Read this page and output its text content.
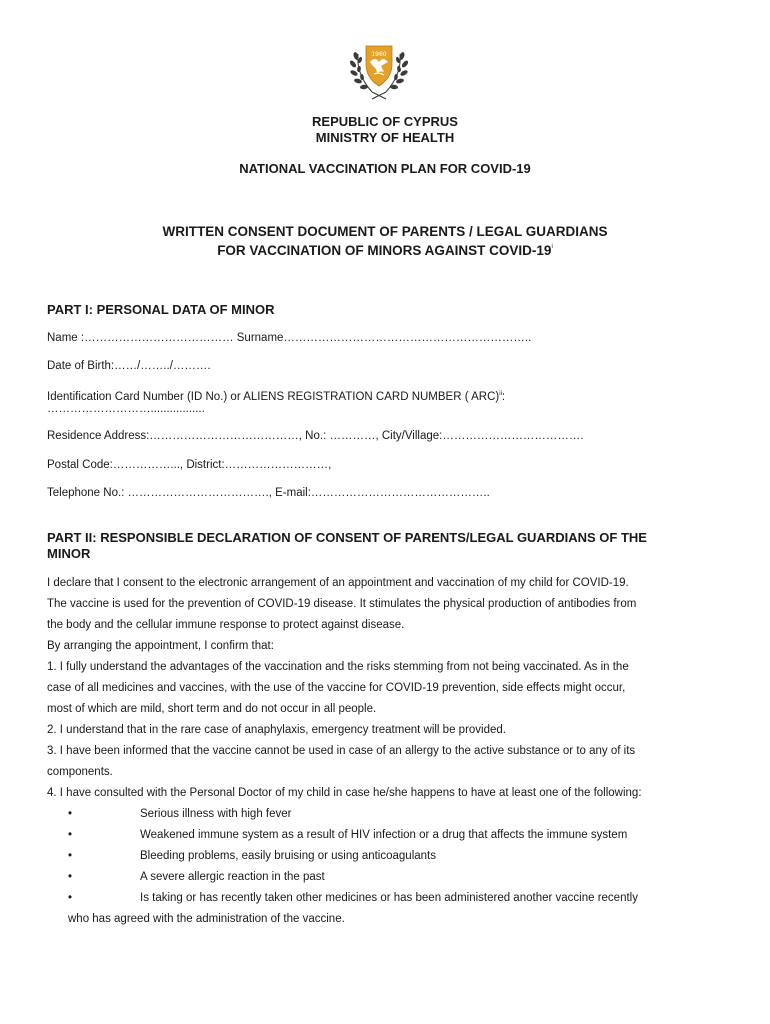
1960
REPUBLIC OF CYPRUS
MINISTRY OF HEALTH
NATIONAL VACCINATION PLAN FOR COVID-19
WRITTEN CONSENT DOCUMENT OF PARENTS / LEGAL GUARDIANS
FOR VACCINATION OF MINORS AGAINST COVID-19$^i$
PART I: PERSONAL DATA OF MINOR
Name :………………………………… Surname………………………………………………………..
Date of Birth:……/……../……….
Identification Card Number (ID No.) or ALIENS REGISTRATION CARD NUMBER ( ARC)$^{ii}$:
……………………….................
Residence Address:…………………………………, No.: …………, City/Village:……………………………….
Postal Code:……………..., District:………………………,
Telephone No.: ………………………………., E-mail:………………………………………..
PART II: RESPONSIBLE DECLARATION OF CONSENT OF PARENTS/LEGAL GUARDIANS OF THE
MINOR
I declare that I consent to the electronic arrangement of an appointment and vaccination of my child for COVID-19.
The vaccine is used for the prevention of COVID-19 disease. It stimulates the physical production of antibodies from
the body and the cellular immune response to protect against disease.
By arranging the appointment, I confirm that:
1. I fully understand the advantages of the vaccination and the risks stemming from not being vaccinated. As in the
case of all medicines and vaccines, with the use of the vaccine for COVID-19 prevention, side effects might occur,
most of which are mild, short term and do not occur in all people.
2. I understand that in the rare case of anaphylaxis, emergency treatment will be provided.
3. I have been informed that the vaccine cannot be used in case of an allergy to the active substance or to any of its
components.
4. I have consulted with the Personal Doctor of my child in case he/she happens to have at least one of the following:
•	Serious illness with high fever
•	Weakened immune system as a result of HIV infection or a drug that affects the immune system
•	Bleeding problems, easily bruising or using anticoagulants
•	A severe allergic reaction in the past
•	Is taking or has recently taken other medicines or has been administered another vaccine recently
who has agreed with the administration of the vaccine.
